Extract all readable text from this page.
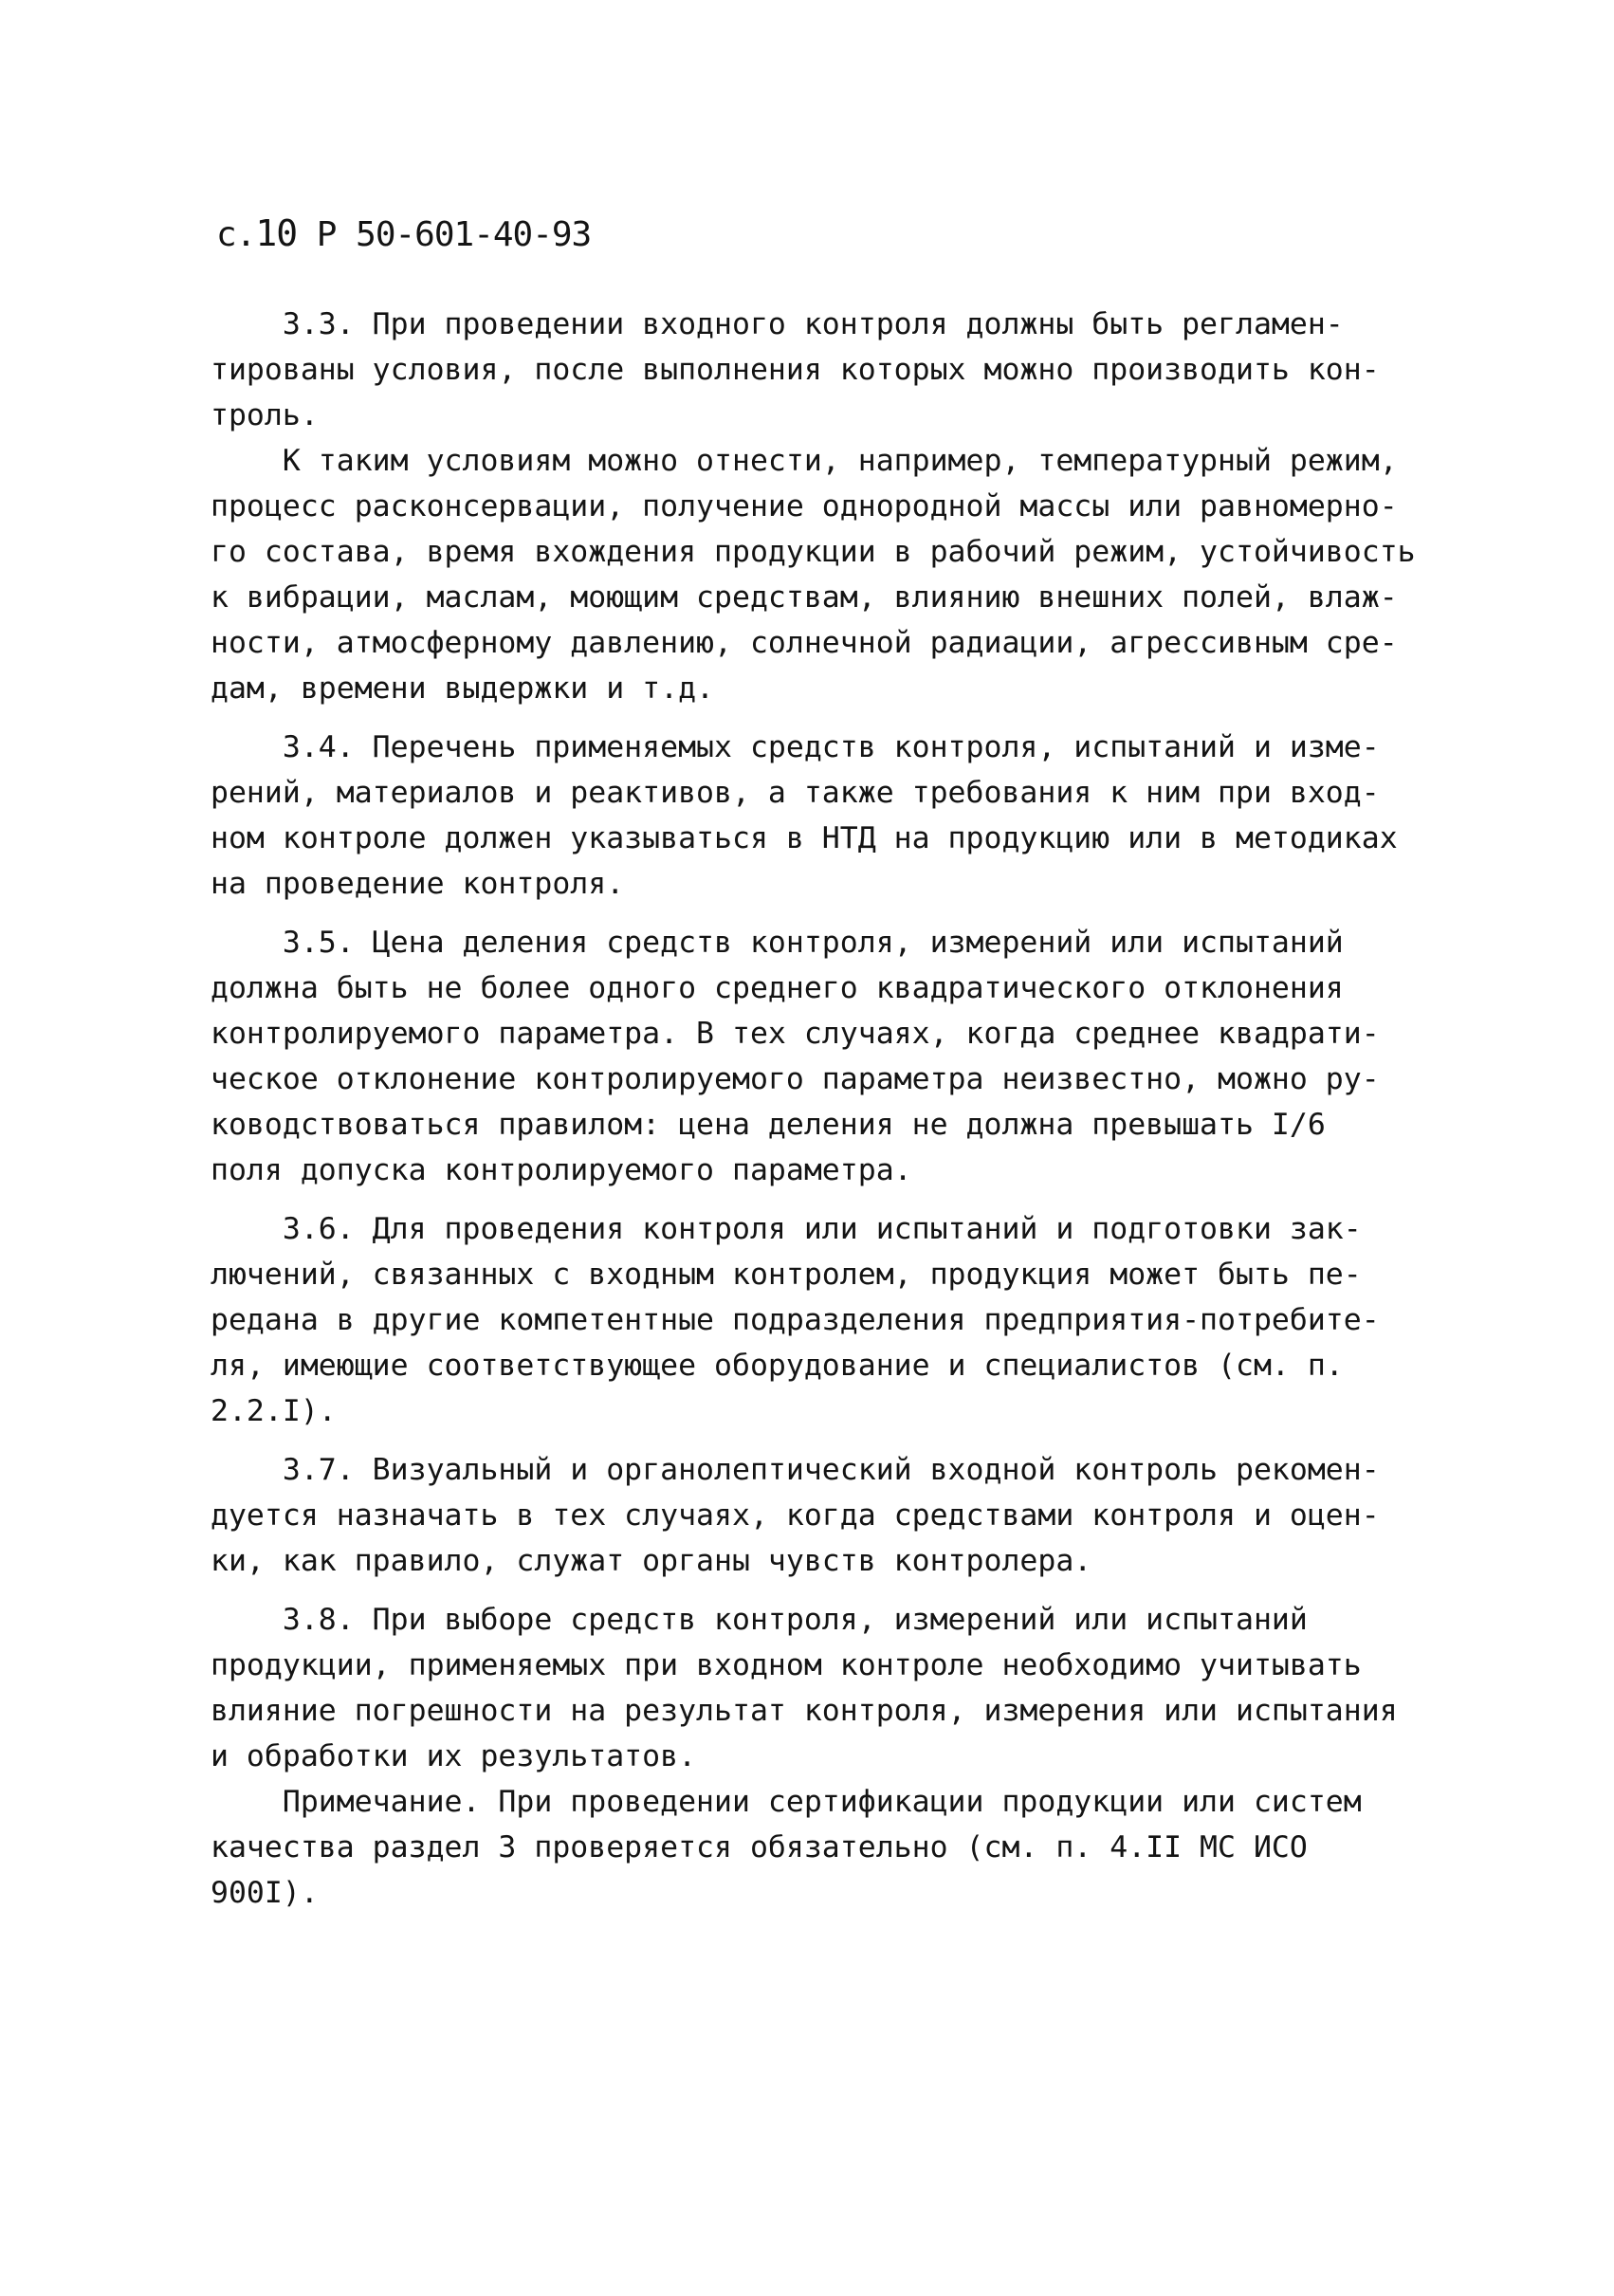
с.10 Р 50-601-40-93
3.3. При проведении входного контроля должны быть регламен-
тированы условия, после выполнения которых можно производить кон-
троль.
К таким условиям можно отнести, например, температурный режим,
процесс расконсервации, получение однородной массы или равномерно-
го состава, время вхождения продукции в рабочий режим, устойчивость
к вибрации, маслам, моющим средствам, влиянию внешних полей, влаж-
ности, атмосферному давлению, солнечной радиации, агрессивным сре-
дам, времени выдержки и т.д.
3.4. Перечень применяемых средств контроля, испытаний и изме-
рений, материалов и реактивов, а также требования к ним при вход-
ном контроле должен указываться в НТД на продукцию или в методиках
на проведение контроля.
3.5. Цена деления средств контроля, измерений или испытаний
должна быть не более одного среднего квадратического отклонения
контролируемого параметра. В тех случаях, когда среднее квадрати-
ческое отклонение контролируемого параметра неизвестно, можно ру-
ководствоваться правилом: цена деления не должна превышать I/6
поля допуска контролируемого параметра.
3.6. Для проведения контроля или испытаний и подготовки зак-
лючений, связанных с входным контролем, продукция может быть пе-
редана в другие компетентные подразделения предприятия-потребите-
ля, имеющие соответствующее оборудование и специалистов (см. п.
2.2.I).
3.7. Визуальный и органолептический входной контроль рекомен-
дуется назначать в тех случаях, когда средствами контроля и оцен-
ки, как правило, служат органы чувств контролера.
3.8. При выборе средств контроля, измерений или испытаний
продукции, применяемых при входном контроле необходимо учитывать
влияние погрешности на результат контроля, измерения или испытания
и обработки их результатов.
Примечание. При проведении сертификации продукции или систем
качества раздел 3 проверяется обязательно (см. п. 4.II МС ИСО
900I).
